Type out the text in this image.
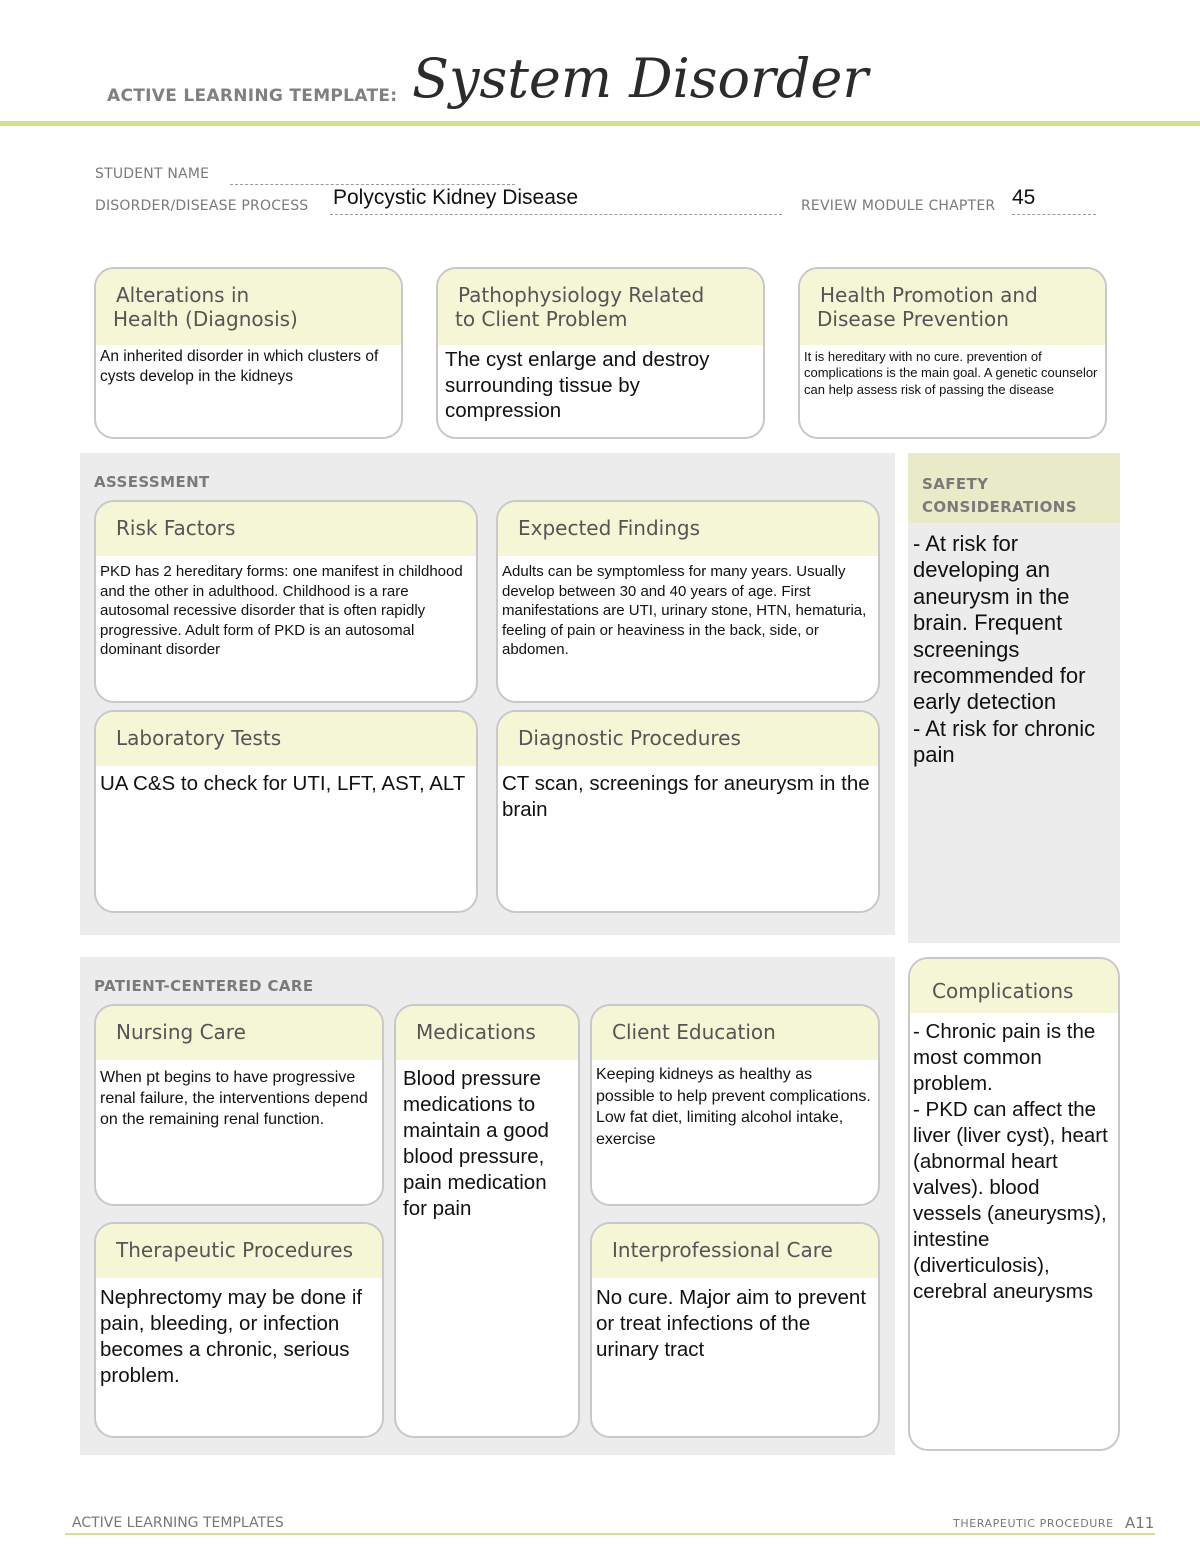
ACTIVE LEARNING TEMPLATE: System Disorder
STUDENT NAME
DISORDER/DISEASE PROCESS Polycystic Kidney Disease	REVIEW MODULE CHAPTER 45
Alterations in
Health (Diagnosis)
An inherited disorder in which clusters of cysts develop in the kidneys
Pathophysiology Related
to Client Problem
The cyst enlarge and destroy surrounding tissue by compression
Health Promotion and
Disease Prevention
It is hereditary with no cure. prevention of complications is the main goal. A genetic counselor can help assess risk of passing the disease
ASSESSMENT
Risk Factors
PKD has 2 hereditary forms: one manifest in childhood and the other in adulthood. Childhood is a rare autosomal recessive disorder that is often rapidly progressive. Adult form of PKD is an autosomal dominant disorder
Expected Findings
Adults can be symptomless for many years. Usually develop between 30 and 40 years of age. First manifestations are UTI, urinary stone, HTN, hematuria, feeling of pain or heaviness in the back, side, or abdomen.
Laboratory Tests
UA C&S to check for UTI, LFT, AST, ALT
Diagnostic Procedures
CT scan, screenings for aneurysm in the brain
SAFETY
CONSIDERATIONS
- At risk for developing an aneurysm in the brain. Frequent screenings recommended for early detection
- At risk for chronic pain
PATIENT-CENTERED CARE
Nursing Care
When pt begins to have progressive renal failure, the interventions depend on the remaining renal function.
Medications
Blood pressure medications to maintain a good blood pressure, pain medication for pain
Client Education
Keeping kidneys as healthy as possible to help prevent complications. Low fat diet, limiting alcohol intake, exercise
Therapeutic Procedures
Nephrectomy may be done if pain, bleeding, or infection becomes a chronic, serious problem.
Interprofessional Care
No cure. Major aim to prevent or treat infections of the urinary tract
Complications
- Chronic pain is the most common problem.
- PKD can affect the liver (liver cyst), heart (abnormal heart valves). blood vessels (aneurysms), intestine (diverticulosis), cerebral aneurysms
ACTIVE LEARNING TEMPLATES	THERAPEUTIC PROCEDURE A11
